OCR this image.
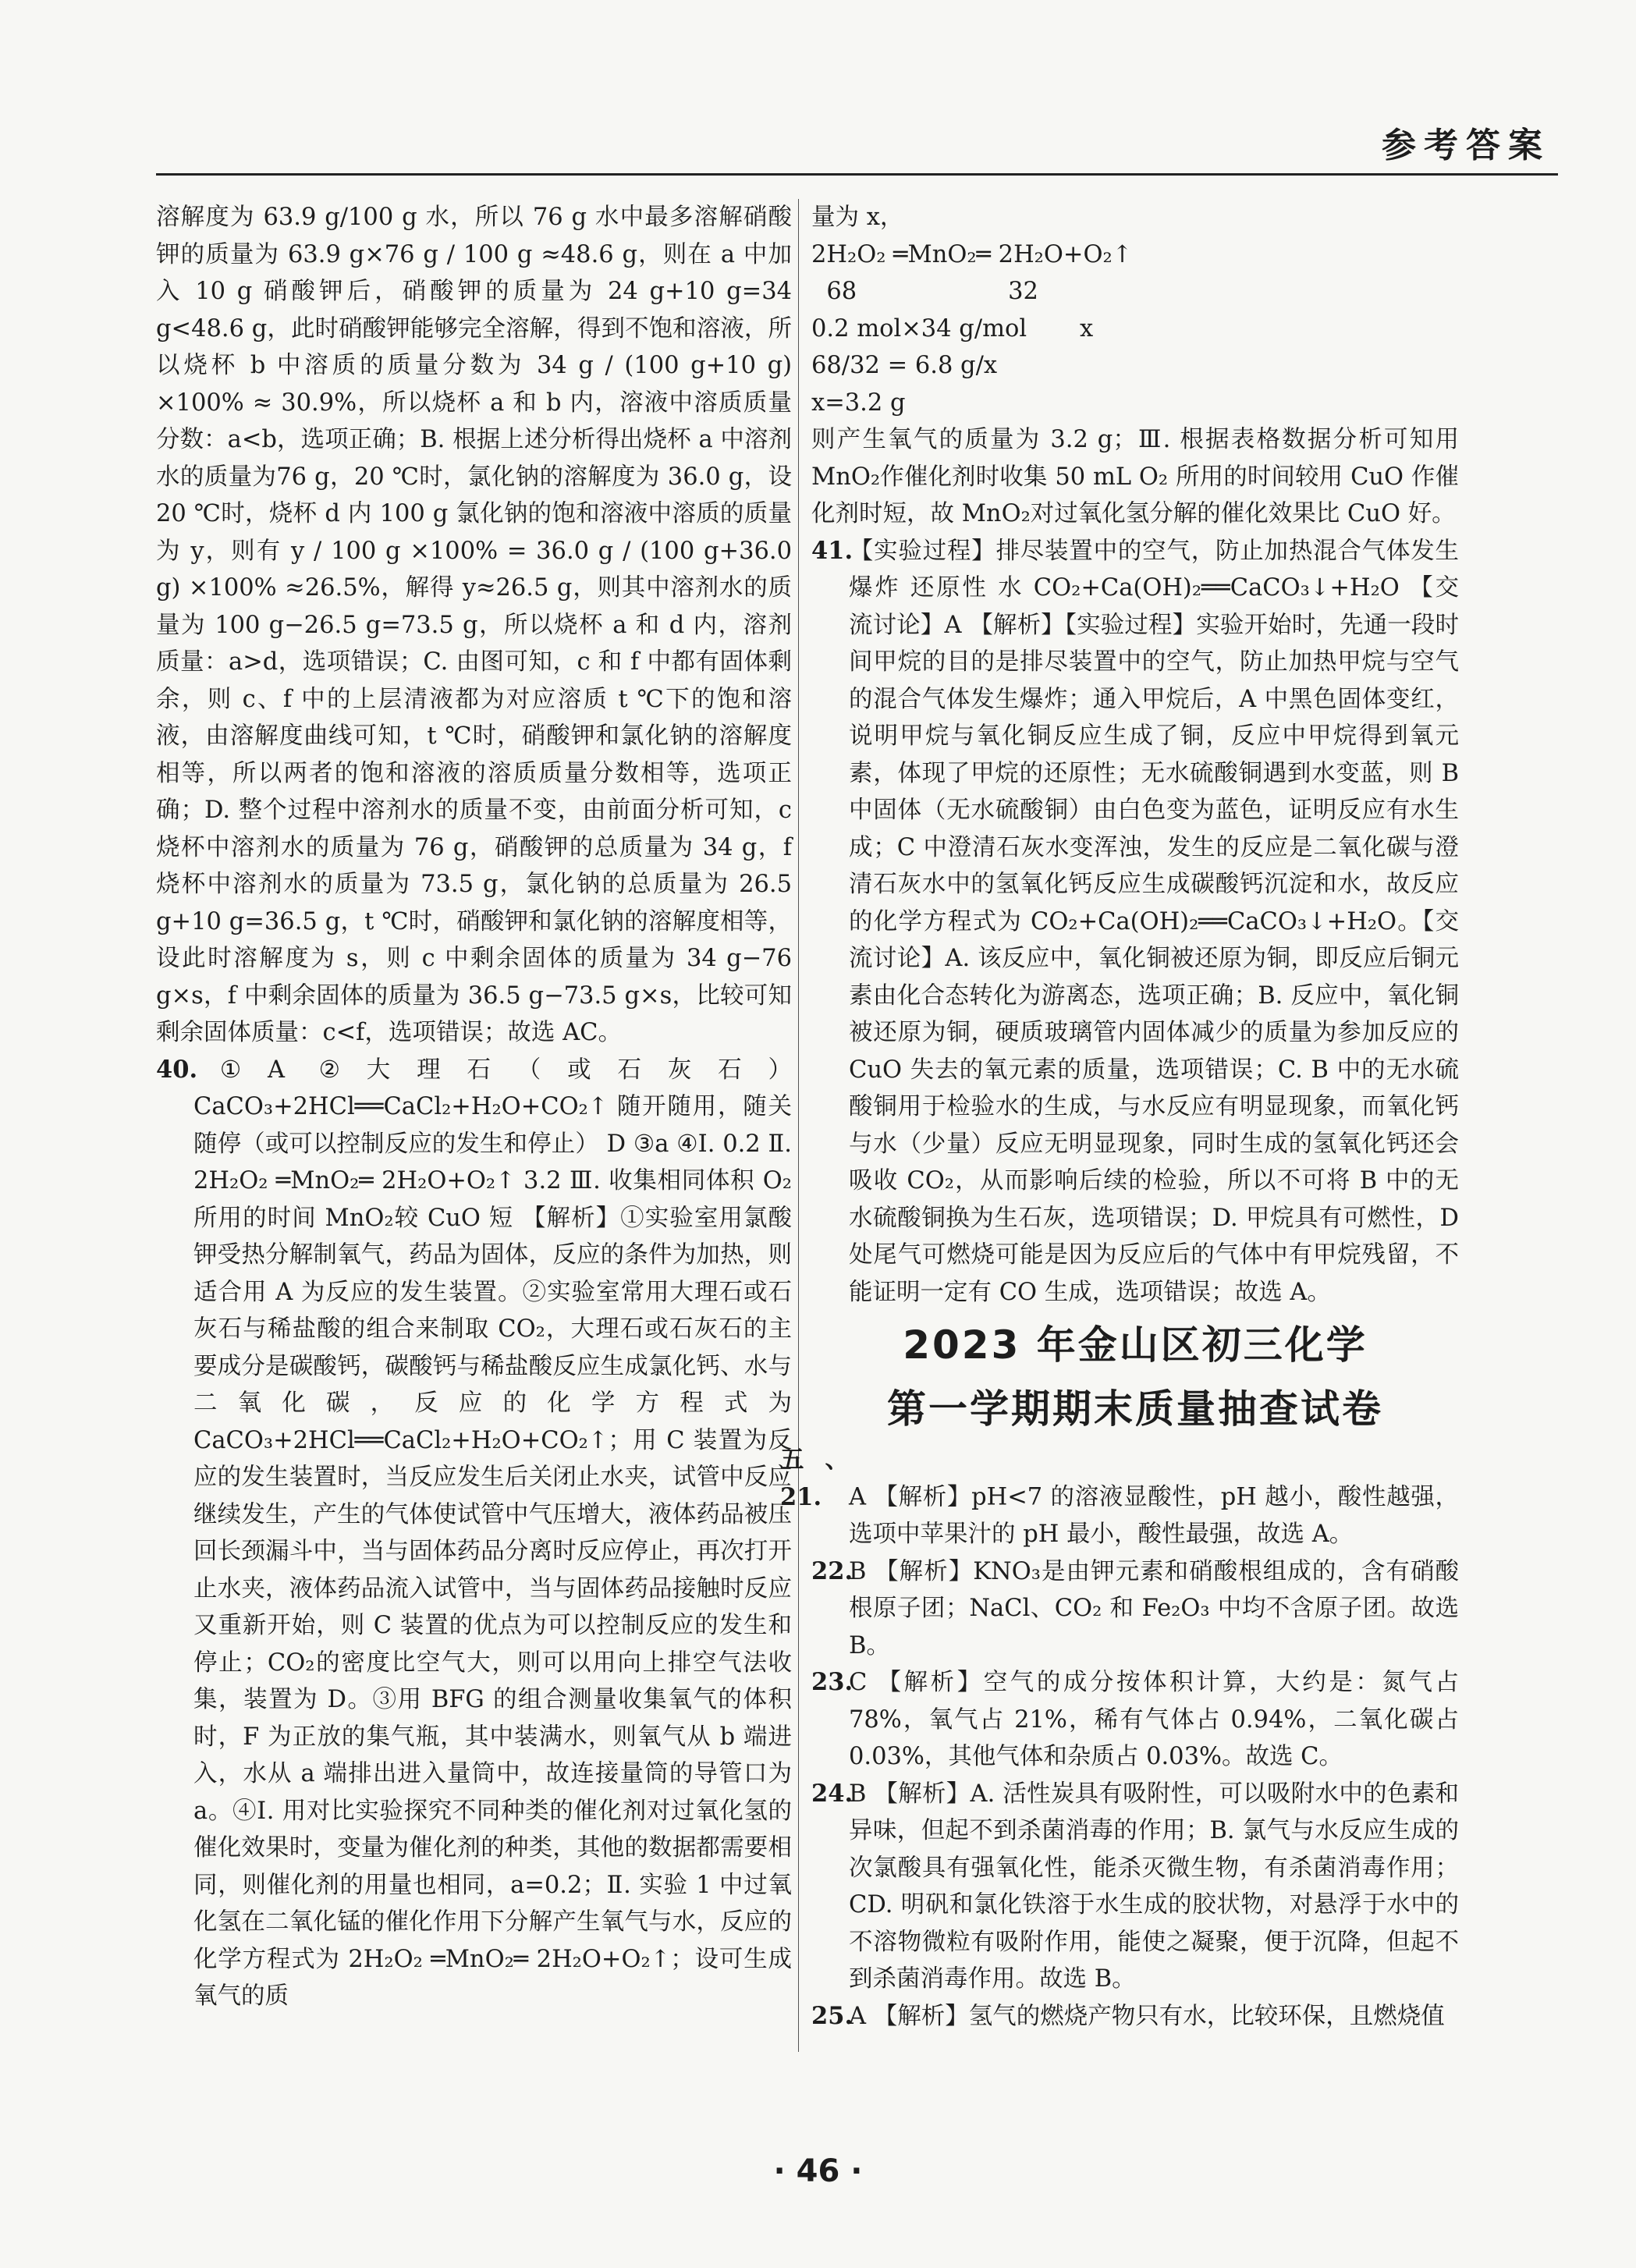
参考答案

溶解度为 63.9 g/100 g 水，所以 76 g 水中最多溶解硝酸钾的质量为 63.9 g×76 g / 100 g ≈48.6 g，则在 a 中加入 10 g 硝酸钾后，硝酸钾的质量为 24 g+10 g=34 g<48.6 g，此时硝酸钾能够完全溶解，得到不饱和溶液，所以烧杯 b 中溶质的质量分数为 34 g / (100 g+10 g) ×100% ≈ 30.9%，所以烧杯 a 和 b 内，溶液中溶质质量分数：a<b，选项正确；B. 根据上述分析得出烧杯 a 中溶剂水的质量为76 g，20 ℃时，氯化钠的溶解度为 36.0 g，设 20 ℃时，烧杯 d 内 100 g 氯化钠的饱和溶液中溶质的质量为 y，则有 y / 100 g ×100% = 36.0 g / (100 g+36.0 g) ×100% ≈26.5%，解得 y≈26.5 g，则其中溶剂水的质量为 100 g−26.5 g=73.5 g，所以烧杯 a 和 d 内，溶剂质量：a>d，选项错误；C. 由图可知，c 和 f 中都有固体剩余，则 c、f 中的上层清液都为对应溶质 t ℃下的饱和溶液，由溶解度曲线可知，t ℃时，硝酸钾和氯化钠的溶解度相等，所以两者的饱和溶液的溶质质量分数相等，选项正确；D. 整个过程中溶剂水的质量不变，由前面分析可知，c 烧杯中溶剂水的质量为 76 g，硝酸钾的总质量为 34 g，f 烧杯中溶剂水的质量为 73.5 g，氯化钠的总质量为 26.5 g+10 g=36.5 g，t ℃时，硝酸钾和氯化钠的溶解度相等，设此时溶解度为 s，则 c 中剩余固体的质量为 34 g−76 g×s，f 中剩余固体的质量为 36.5 g−73.5 g×s，比较可知剩余固体质量：c<f，选项错误；故选 AC。

40.①A ②大理石（或石灰石） CaCO₃+2HCl══CaCl₂+H₂O+CO₂↑ 随开随用，随关随停（或可以控制反应的发生和停止） D ③a ④Ⅰ. 0.2 Ⅱ. 2H₂O₂ ═MnO₂═ 2H₂O+O₂↑ 3.2 Ⅲ. 收集相同体积 O₂所用的时间 MnO₂较 CuO 短 【解析】①实验室用氯酸钾受热分解制氧气，药品为固体，反应的条件为加热，则适合用 A 为反应的发生装置。②实验室常用大理石或石灰石与稀盐酸的组合来制取 CO₂，大理石或石灰石的主要成分是碳酸钙，碳酸钙与稀盐酸反应生成氯化钙、水与二氧化碳，反应的化学方程式为 CaCO₃+2HCl══CaCl₂+H₂O+CO₂↑；用 C 装置为反应的发生装置时，当反应发生后关闭止水夹，试管中反应继续发生，产生的气体使试管中气压增大，液体药品被压回长颈漏斗中，当与固体药品分离时反应停止，再次打开止水夹，液体药品流入试管中，当与固体药品接触时反应又重新开始，则 C 装置的优点为可以控制反应的发生和停止；CO₂的密度比空气大，则可以用向上排空气法收集，装置为 D。③用 BFG 的组合测量收集氧气的体积时，F 为正放的集气瓶，其中装满水，则氧气从 b 端进入，水从 a 端排出进入量筒中，故连接量筒的导管口为 a。④Ⅰ. 用对比实验探究不同种类的催化剂对过氧化氢的催化效果时，变量为催化剂的种类，其他的数据都需要相同，则催化剂的用量也相同，a=0.2；Ⅱ. 实验 1 中过氧化氢在二氧化锰的催化作用下分解产生氧气与水，反应的化学方程式为 2H₂O₂ ═MnO₂═ 2H₂O+O₂↑；设可生成氧气的质

量为 x，

2H₂O₂ ═MnO₂═ 2H₂O+O₂↑

68                    32

0.2 mol×34 g/mol       x

68/32 = 6.8 g/x

x=3.2 g

则产生氧气的质量为 3.2 g；Ⅲ. 根据表格数据分析可知用 MnO₂作催化剂时收集 50 mL O₂ 所用的时间较用 CuO 作催化剂时短，故 MnO₂对过氧化氢分解的催化效果比 CuO 好。

41.【实验过程】排尽装置中的空气，防止加热混合气体发生爆炸 还原性 水 CO₂+Ca(OH)₂══CaCO₃↓+H₂O 【交流讨论】A 【解析】【实验过程】实验开始时，先通一段时间甲烷的目的是排尽装置中的空气，防止加热甲烷与空气的混合气体发生爆炸；通入甲烷后，A 中黑色固体变红，说明甲烷与氧化铜反应生成了铜，反应中甲烷得到氧元素，体现了甲烷的还原性；无水硫酸铜遇到水变蓝，则 B 中固体（无水硫酸铜）由白色变为蓝色，证明反应有水生成；C 中澄清石灰水变浑浊，发生的反应是二氧化碳与澄清石灰水中的氢氧化钙反应生成碳酸钙沉淀和水，故反应的化学方程式为 CO₂+Ca(OH)₂══CaCO₃↓+H₂O。【交流讨论】A. 该反应中，氧化铜被还原为铜，即反应后铜元素由化合态转化为游离态，选项正确；B. 反应中，氧化铜被还原为铜，硬质玻璃管内固体减少的质量为参加反应的 CuO 失去的氧元素的质量，选项错误；C. B 中的无水硫酸铜用于检验水的生成，与水反应有明显现象，而氧化钙与水（少量）反应无明显现象，同时生成的氢氧化钙还会吸收 CO₂，从而影响后续的检验，所以不可将 B 中的无水硫酸铜换为生石灰，选项错误；D. 甲烷具有可燃性，D 处尾气可燃烧可能是因为反应后的气体中有甲烷残留，不能证明一定有 CO 生成，选项错误；故选 A。

2023 年金山区初三化学
第一学期期末质量抽查试卷

五、21. A 【解析】pH<7 的溶液显酸性，pH 越小，酸性越强，选项中苹果汁的 pH 最小，酸性最强，故选 A。

22.B 【解析】KNO₃是由钾元素和硝酸根组成的，含有硝酸根原子团；NaCl、CO₂ 和 Fe₂O₃ 中均不含原子团。故选 B。

23.C 【解析】空气的成分按体积计算，大约是：氮气占 78%，氧气占 21%，稀有气体占 0.94%，二氧化碳占 0.03%，其他气体和杂质占 0.03%。故选 C。

24.B 【解析】A. 活性炭具有吸附性，可以吸附水中的色素和异味，但起不到杀菌消毒的作用；B. 氯气与水反应生成的次氯酸具有强氧化性，能杀灭微生物，有杀菌消毒作用；CD. 明矾和氯化铁溶于水生成的胶状物，对悬浮于水中的不溶物微粒有吸附作用，能使之凝聚，便于沉降，但起不到杀菌消毒作用。故选 B。

25.A 【解析】氢气的燃烧产物只有水，比较环保，且燃烧值

· 46 ·
